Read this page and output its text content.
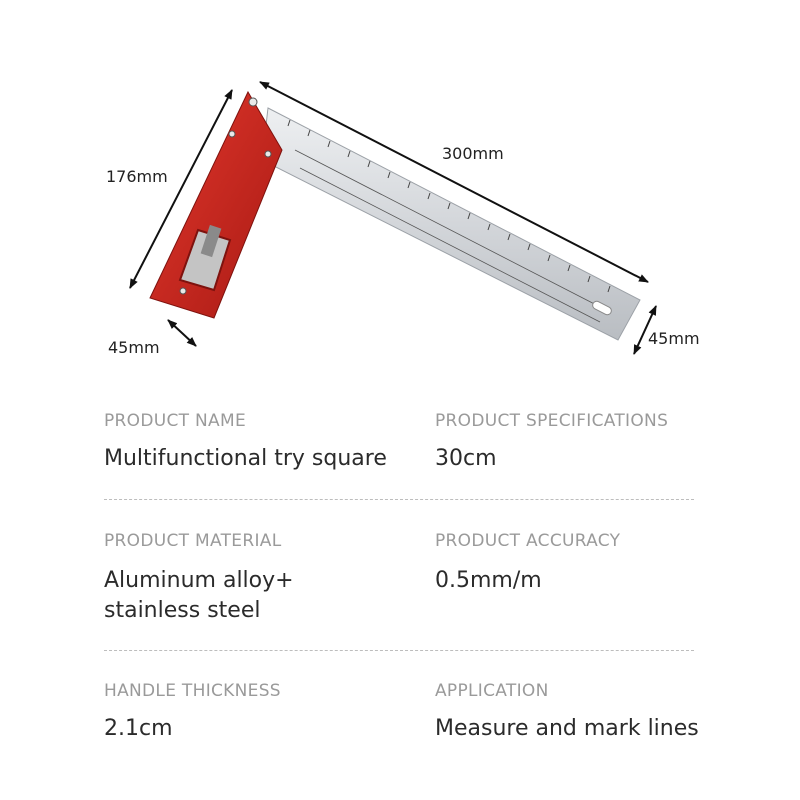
300mm
176mm
45mm	45mm
PRODUCT NAME
Multifunctional try square
PRODUCT SPECIFICATIONS
30cm
PRODUCT MATERIAL
Aluminum alloy+
stainless steel
PRODUCT ACCURACY
0.5mm/m
HANDLE THICKNESS
2.1cm
APPLICATION
Measure and mark lines
